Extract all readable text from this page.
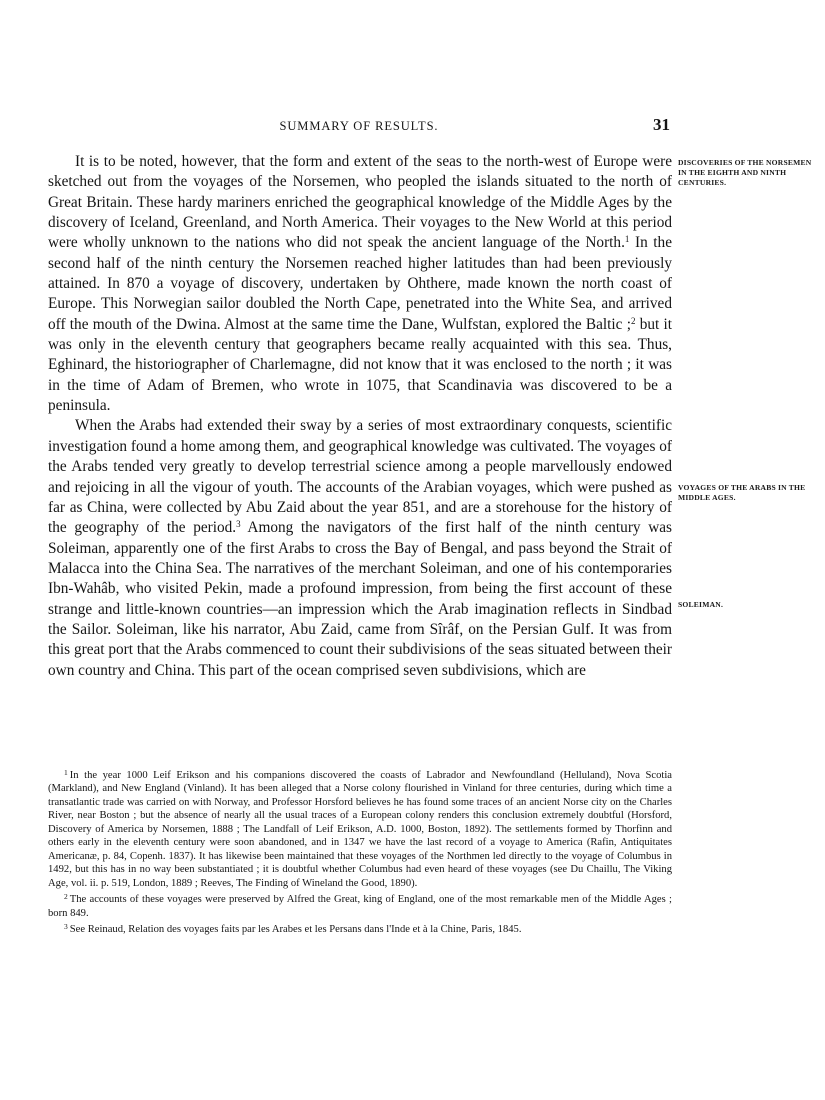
SUMMARY OF RESULTS.	31

It is to be noted, however, that the form and extent of the seas to the north-west of Europe were sketched out from the voyages of the Norsemen, who peopled the islands situated to the north of Great Britain. These hardy mariners enriched the geographical knowledge of the Middle Ages by the discovery of Iceland, Greenland, and North America. Their voyages to the New World at this period were wholly unknown to the nations who did not speak the ancient language of the North.$^1$ In the second half of the ninth century the Norsemen reached higher latitudes than had been previously attained. In 870 a voyage of discovery, undertaken by Ohthere, made known the north coast of Europe. This Norwegian sailor doubled the North Cape, penetrated into the White Sea, and arrived off the mouth of the Dwina. Almost at the same time the Dane, Wulfstan, explored the Baltic ;$^2$ but it was only in the eleventh century that geographers became really acquainted with this sea. Thus, Eghinard, the historiographer of Charlemagne, did not know that it was enclosed to the north ; it was in the time of Adam of Bremen, who wrote in 1075, that Scandinavia was discovered to be a peninsula.

When the Arabs had extended their sway by a series of most extraordinary conquests, scientific investigation found a home among them, and geographical knowledge was cultivated. The voyages of the Arabs tended very greatly to develop terrestrial science among a people marvellously endowed and rejoicing in all the vigour of youth. The accounts of the Arabian voyages, which were pushed as far as China, were collected by Abu Zaid about the year 851, and are a storehouse for the history of the geography of the period.$^3$ Among the navigators of the first half of the ninth century was Soleiman, apparently one of the first Arabs to cross the Bay of Bengal, and pass beyond the Strait of Malacca into the China Sea. The narratives of the merchant Soleiman, and one of his contemporaries Ibn-Wahâb, who visited Pekin, made a profound impression, from being the first account of these strange and little-known countries—an impression which the Arab imagination reflects in Sindbad the Sailor. Soleiman, like his narrator, Abu Zaid, came from Sîrâf, on the Persian Gulf. It was from this great port that the Arabs commenced to count their subdivisions of the seas situated between their own country and China. This part of the ocean comprised seven subdivisions, which are

DISCOVERIES OF THE NORSEMEN IN THE EIGHTH AND NINTH CENTURIES.
VOYAGES OF THE ARABS IN THE MIDDLE AGES.
SOLEIMAN.

$^1$ In the year 1000 Leif Erikson and his companions discovered the coasts of Labrador and Newfoundland (Helluland), Nova Scotia (Markland), and New England (Vinland). It has been alleged that a Norse colony flourished in Vinland for three centuries, during which time a transatlantic trade was carried on with Norway, and Professor Horsford believes he has found some traces of an ancient Norse city on the Charles River, near Boston ; but the absence of nearly all the usual traces of a European colony renders this conclusion extremely doubtful (Horsford, Discovery of America by Norsemen, 1888 ; The Landfall of Leif Erikson, A.D. 1000, Boston, 1892). The settlements formed by Thorfinn and others early in the eleventh century were soon abandoned, and in 1347 we have the last record of a voyage to America (Rafin, Antiquitates Americanæ, p. 84, Copenh. 1837). It has likewise been maintained that these voyages of the Northmen led directly to the voyage of Columbus in 1492, but this has in no way been substantiated ; it is doubtful whether Columbus had even heard of these voyages (see Du Chaillu, The Viking Age, vol. ii. p. 519, London, 1889 ; Reeves, The Finding of Wineland the Good, 1890).

$^2$ The accounts of these voyages were preserved by Alfred the Great, king of England, one of the most remarkable men of the Middle Ages ; born 849.

$^3$ See Reinaud, Relation des voyages faits par les Arabes et les Persans dans l'Inde et à la Chine, Paris, 1845.
